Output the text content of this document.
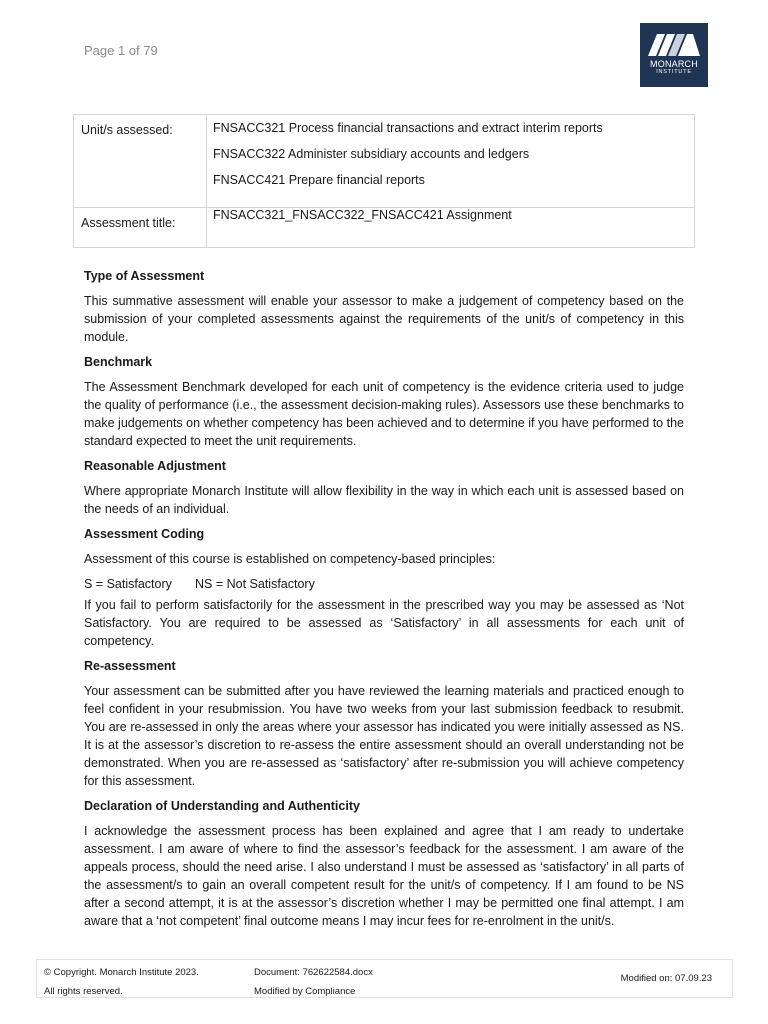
Page 1 of 79
MONARCH
INSTITUTE
Unit/s assessed:	FNSACC321 Process financial transactions and extract interim reports
FNSACC322 Administer subsidiary accounts and ledgers
FNSACC421 Prepare financial reports

Assessment title:	FNSACC321_FNSACC322_FNSACC421 Assignment
Type of Assessment

This summative assessment will enable your assessor to make a judgement of competency based on the submission of your completed assessments against the requirements of the unit/s of competency in this module.

Benchmark

The Assessment Benchmark developed for each unit of competency is the evidence criteria used to judge the quality of performance (i.e., the assessment decision-making rules). Assessors use these benchmarks to make judgements on whether competency has been achieved and to determine if you have performed to the standard expected to meet the unit requirements.

Reasonable Adjustment

Where appropriate Monarch Institute will allow flexibility in the way in which each unit is assessed based on the needs of an individual.

Assessment Coding

Assessment of this course is established on competency-based principles:

S = Satisfactory	NS = Not Satisfactory

If you fail to perform satisfactorily for the assessment in the prescribed way you may be assessed as ‘Not Satisfactory. You are required to be assessed as ‘Satisfactory’ in all assessments for each unit of competency.

Re-assessment

Your assessment can be submitted after you have reviewed the learning materials and practiced enough to feel confident in your resubmission. You have two weeks from your last submission feedback to resubmit. You are re-assessed in only the areas where your assessor has indicated you were initially assessed as NS. It is at the assessor’s discretion to re-assess the entire assessment should an overall understanding not be demonstrated. When you are re-assessed as ‘satisfactory’ after re-submission you will achieve competency for this assessment.

Declaration of Understanding and Authenticity

I acknowledge the assessment process has been explained and agree that I am ready to undertake assessment. I am aware of where to find the assessor’s feedback for the assessment. I am aware of the appeals process, should the need arise. I also understand I must be assessed as ‘satisfactory’ in all parts of the assessment/s to gain an overall competent result for the unit/s of competency. If I am found to be NS after a second attempt, it is at the assessor’s discretion whether I may be permitted one final attempt. I am aware that a ‘not competent’ final outcome means I may incur fees for re-enrolment in the unit/s.

© Copyright. Monarch Institute 2023.
All rights reserved.
Document: 762622584.docx
Modified by Compliance
Modified on: 07.09.23
